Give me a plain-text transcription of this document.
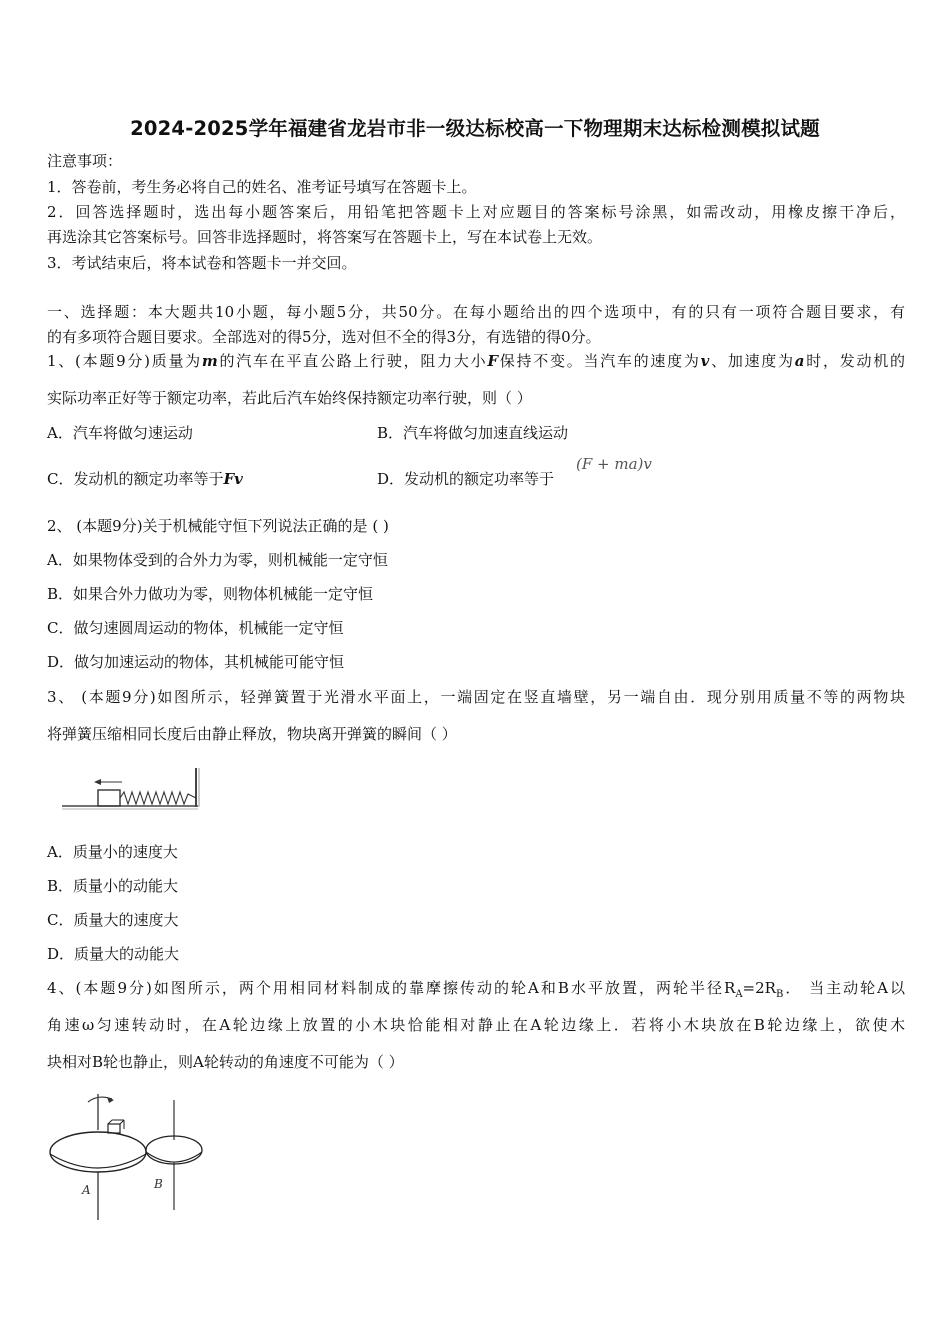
2024-2025学年福建省龙岩市非一级达标校高一下物理期末达标检测模拟试题
注意事项：
1．答卷前，考生务必将自己的姓名、准考证号填写在答题卡上。
2．回答选择题时，选出每小题答案后，用铅笔把答题卡上对应题目的答案标号涂黑，如需改动，用橡皮擦干净后，
再选涂其它答案标号。回答非选择题时，将答案写在答题卡上，写在本试卷上无效。
3．考试结束后，将本试卷和答题卡一并交回。
一、选择题：本大题共10小题，每小题5分，共50分。在每小题给出的四个选项中，有的只有一项符合题目要求，有
的有多项符合题目要求。全部选对的得5分，选对但不全的得3分，有选错的得0分。
1、(本题9分)质量为m的汽车在平直公路上行驶，阻力大小F保持不变。当汽车的速度为v、加速度为a时，发动机的
实际功率正好等于额定功率，若此后汽车始终保持额定功率行驶，则（ ）
A．汽车将做匀速运动	B．汽车将做匀加速直线运动
C．发动机的额定功率等于Fv	D．发动机的额定功率等于
(F + ma)v
2、 (本题9分)关于机械能守恒下列说法正确的是 ( )
A．如果物体受到的合外力为零，则机械能一定守恒
B．如果合外力做功为零，则物体机械能一定守恒
C．做匀速圆周运动的物体，机械能一定守恒
D．做匀加速运动的物体，其机械能可能守恒
3、 (本题9分)如图所示，轻弹簧置于光滑水平面上，一端固定在竖直墙壁，另一端自由．现分别用质量不等的两物块
将弹簧压缩相同长度后由静止释放，物块离开弹簧的瞬间（ ）
A．质量小的速度大
B．质量小的动能大
C．质量大的速度大
D．质量大的动能大
4、(本题9分)如图所示，两个用相同材料制成的靠摩擦传动的轮A和B水平放置，两轮半径$R_A=2R_B$． 当主动轮A以
角速ω匀速转动时，在A轮边缘上放置的小木块恰能相对静止在A轮边缘上．若将小木块放在B轮边缘上，欲使木
块相对B轮也静止，则A轮转动的角速度不可能为（ ）
A	B
